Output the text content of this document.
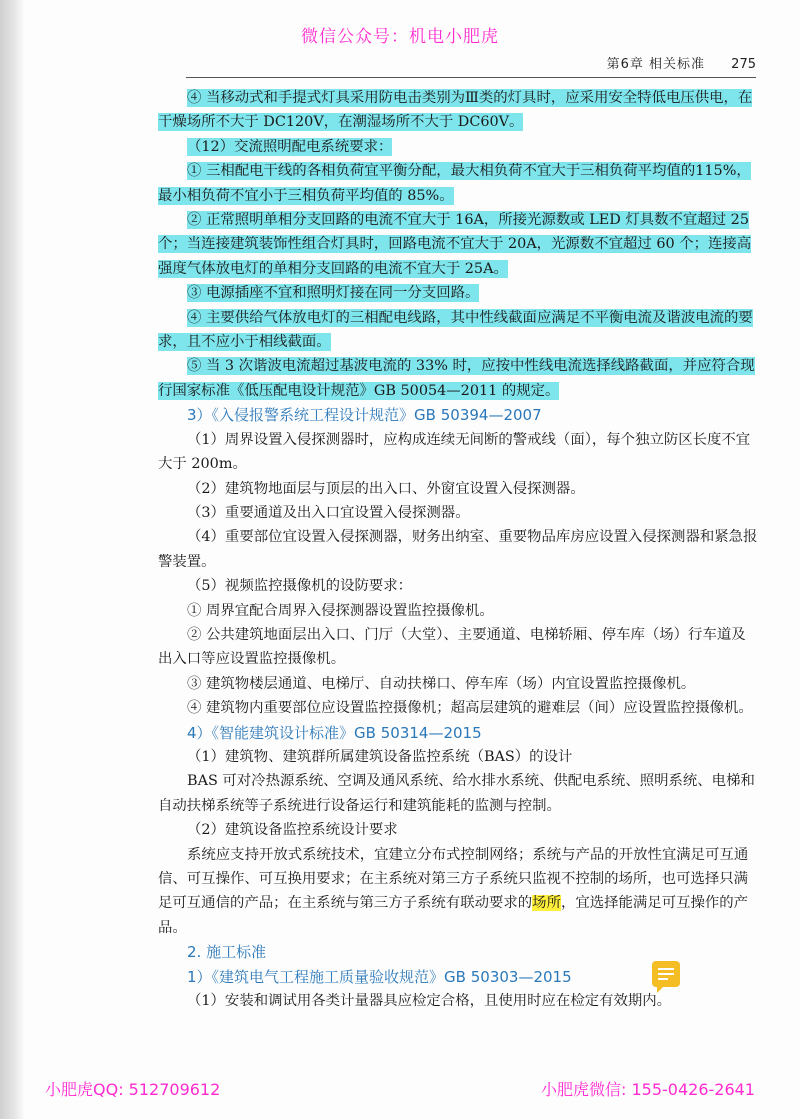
微信公众号：机电小肥虎
第6章 相关标准 275

④ 当移动式和手提式灯具采用防电击类别为Ⅲ类的灯具时，应采用安全特低电压供电，在干燥场所不大于 DC120V，在潮湿场所不大于 DC60V。

（12）交流照明配电系统要求：

① 三相配电干线的各相负荷宜平衡分配，最大相负荷不宜大于三相负荷平均值的115%，最小相负荷不宜小于三相负荷平均值的 85%。

② 正常照明单相分支回路的电流不宜大于 16A，所接光源数或 LED 灯具数不宜超过 25 个；当连接建筑装饰性组合灯具时，回路电流不宜大于 20A，光源数不宜超过 60 个；连接高强度气体放电灯的单相分支回路的电流不宜大于 25A。

③ 电源插座不宜和照明灯接在同一分支回路。

④ 主要供给气体放电灯的三相配电线路，其中性线截面应满足不平衡电流及谐波电流的要求，且不应小于相线截面。

⑤ 当 3 次谐波电流超过基波电流的 33% 时，应按中性线电流选择线路截面，并应符合现行国家标准《低压配电设计规范》GB 50054—2011 的规定。

3）《入侵报警系统工程设计规范》GB 50394—2007

（1）周界设置入侵探测器时，应构成连续无间断的警戒线（面），每个独立防区长度不宜大于 200m。

（2）建筑物地面层与顶层的出入口、外窗宜设置入侵探测器。

（3）重要通道及出入口宜设置入侵探测器。

（4）重要部位宜设置入侵探测器，财务出纳室、重要物品库房应设置入侵探测器和紧急报警装置。

（5）视频监控摄像机的设防要求：

① 周界宜配合周界入侵探测器设置监控摄像机。

② 公共建筑地面层出入口、门厅（大堂）、主要通道、电梯轿厢、停车库（场）行车道及出入口等应设置监控摄像机。

③ 建筑物楼层通道、电梯厅、自动扶梯口、停车库（场）内宜设置监控摄像机。

④ 建筑物内重要部位应设置监控摄像机；超高层建筑的避难层（间）应设置监控摄像机。

4）《智能建筑设计标准》GB 50314—2015

（1）建筑物、建筑群所属建筑设备监控系统（BAS）的设计

BAS 可对冷热源系统、空调及通风系统、给水排水系统、供配电系统、照明系统、电梯和自动扶梯系统等子系统进行设备运行和建筑能耗的监测与控制。

（2）建筑设备监控系统设计要求

系统应支持开放式系统技术，宜建立分布式控制网络；系统与产品的开放性宜满足可互通信、可互操作、可互换用要求；在主系统对第三方子系统只监视不控制的场所，也可选择只满足可互通信的产品；在主系统与第三方子系统有联动要求的场所，宜选择能满足可互操作的产品。

2. 施工标准

1）《建筑电气工程施工质量验收规范》GB 50303—2015

（1）安装和调试用各类计量器具应检定合格，且使用时应在检定有效期内。

小肥虎QQ: 512709612	小肥虎微信: 155-0426-2641
